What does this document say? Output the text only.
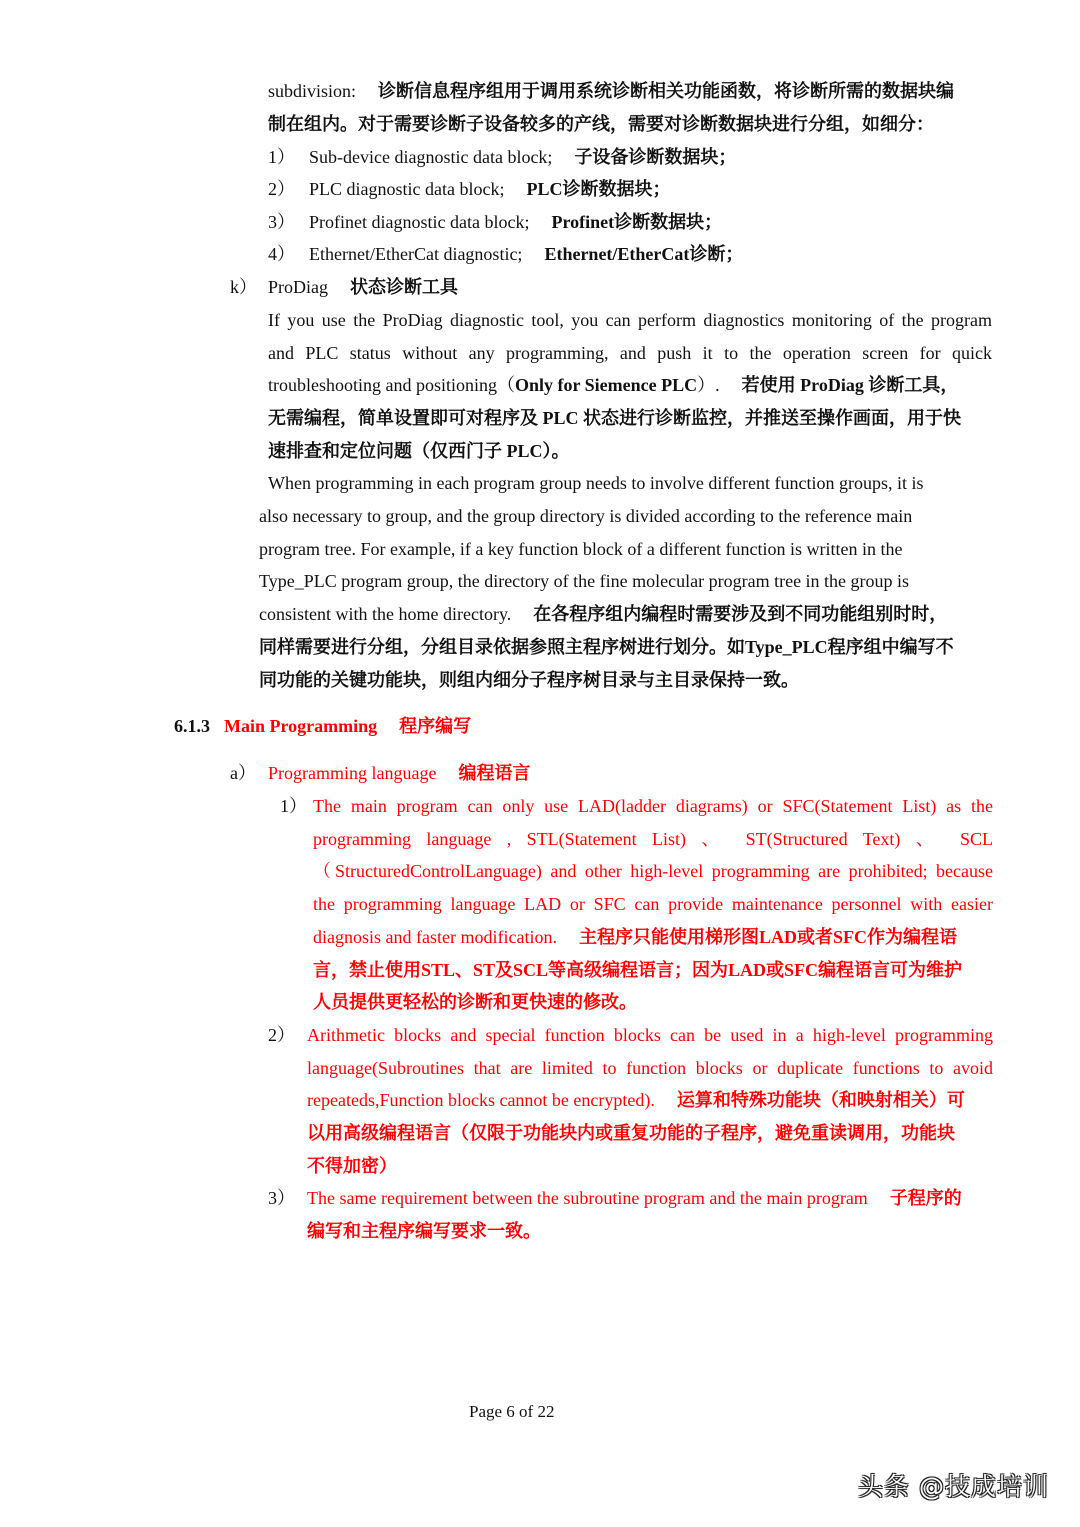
subdivision: 诊断信息程序组用于调用系统诊断相关功能函数，将诊断所需的数据块编
制在组内。对于需要诊断子设备较多的产线，需要对诊断数据块进行分组，如细分：
1） Sub-device diagnostic data block; 子设备诊断数据块；
2） PLC diagnostic data block; PLC诊断数据块；
3） Profinet diagnostic data block; Profinet诊断数据块；
4） Ethernet/EtherCat diagnostic; Ethernet/EtherCat诊断；
k） ProDiag 状态诊断工具
If you use the ProDiag diagnostic tool, you can perform diagnostics monitoring of the program
and PLC status without any programming, and push it to the operation screen for quick
troubleshooting and positioning（Only for Siemence PLC）. 若使用 ProDiag 诊断工具，
无需编程，简单设置即可对程序及 PLC 状态进行诊断监控，并推送至操作画面，用于快
速排查和定位问题（仅西门子 PLC）。
When programming in each program group needs to involve different function groups, it is
also necessary to group, and the group directory is divided according to the reference main
program tree. For example, if a key function block of a different function is written in the
Type_PLC program group, the directory of the fine molecular program tree in the group is
consistent with the home directory. 在各程序组内编程时需要涉及到不同功能组别时时，
同样需要进行分组，分组目录依据参照主程序树进行划分。如Type_PLC程序组中编写不
同功能的关键功能块，则组内细分子程序树目录与主目录保持一致。
6.1.3 Main Programming 程序编写
a） Programming language 编程语言
1） The main program can only use LAD(ladder diagrams) or SFC(Statement List) as the
programming language , STL(Statement List) 、 ST(Structured Text) 、 SCL
（StructuredControlLanguage) and other high-level programming are prohibited; because
the programming language LAD or SFC can provide maintenance personnel with easier
diagnosis and faster modification. 主程序只能使用梯形图LAD或者SFC作为编程语
言，禁止使用STL、ST及SCL等高级编程语言；因为LAD或SFC编程语言可为维护
人员提供更轻松的诊断和更快速的修改。
2） Arithmetic blocks and special function blocks can be used in a high-level programming
language(Subroutines that are limited to function blocks or duplicate functions to avoid
repeateds,Function blocks cannot be encrypted). 运算和特殊功能块（和映射相关）可
以用高级编程语言（仅限于功能块内或重复功能的子程序，避免重读调用，功能块
不得加密）
3） The same requirement between the subroutine program and the main program 子程序的
编写和主程序编写要求一致。
Page 6 of 22
头条 @技成培训
